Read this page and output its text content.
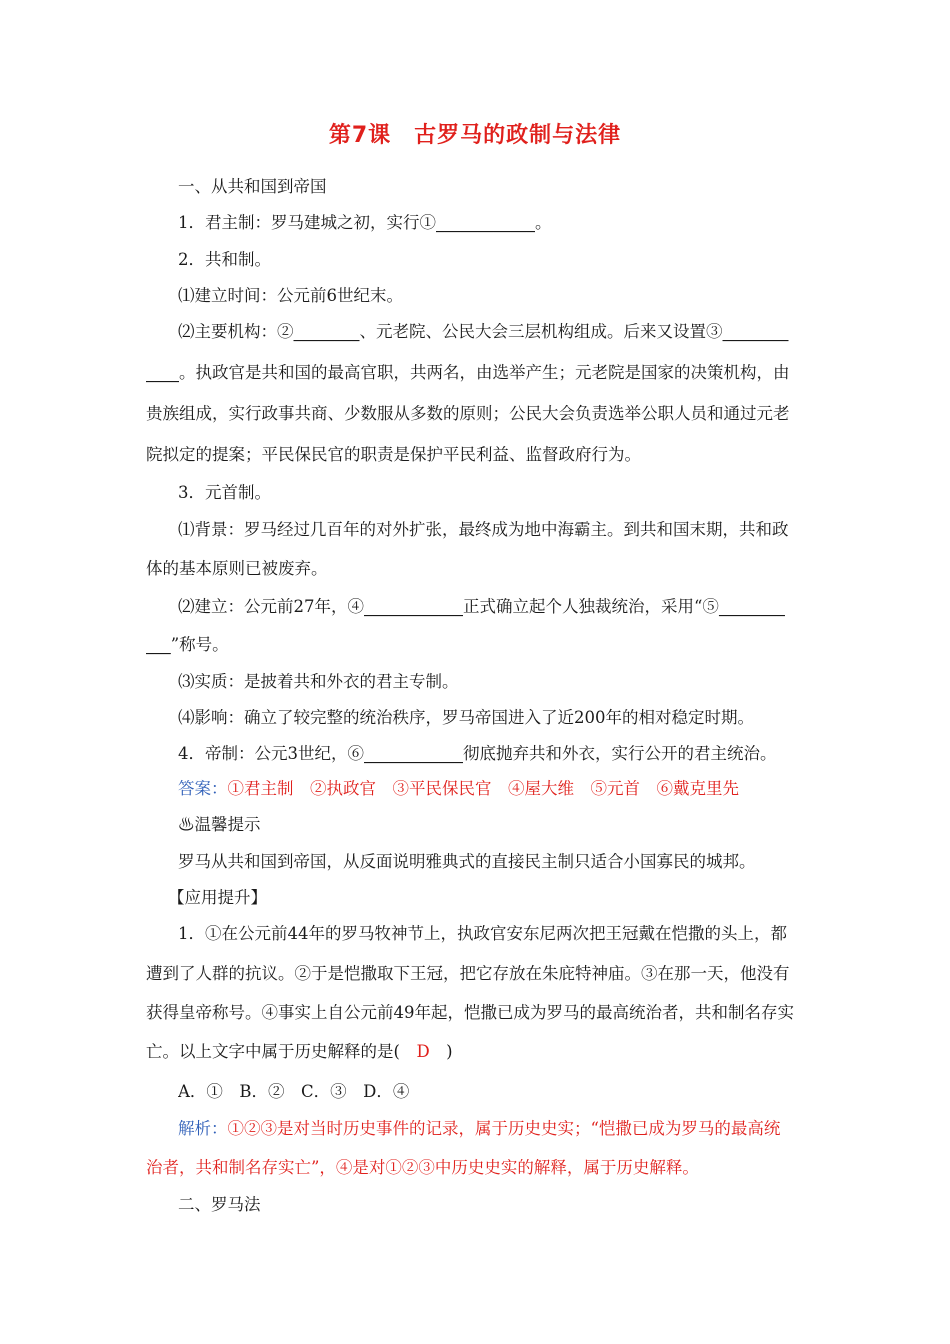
第7课　古罗马的政制与法律
一、从共和国到帝国
1．君主制：罗马建城之初，实行①____________。
2．共和制。
⑴建立时间：公元前6世纪末。
⑵主要机构：②________、元老院、公民大会三层机构组成。后来又设置③________
____。执政官是共和国的最高官职，共两名，由选举产生；元老院是国家的决策机构，由
贵族组成，实行政事共商、少数服从多数的原则；公民大会负责选举公职人员和通过元老
院拟定的提案；平民保民官的职责是保护平民利益、监督政府行为。
3．元首制。
⑴背景：罗马经过几百年的对外扩张，最终成为地中海霸主。到共和国末期，共和政
体的基本原则已被废弃。
⑵建立：公元前27年，④____________正式确立起个人独裁统治，采用“⑤________
___”称号。
⑶实质：是披着共和外衣的君主专制。
⑷影响：确立了较完整的统治秩序，罗马帝国进入了近200年的相对稳定时期。
4．帝制：公元3世纪，⑥____________彻底抛弃共和外衣，实行公开的君主统治。
答案：①君主制　②执政官　③平民保民官　④屋大维　⑤元首　⑥戴克里先
♨温馨提示
罗马从共和国到帝国，从反面说明雅典式的直接民主制只适合小国寡民的城邦。
【应用提升】
1．①在公元前44年的罗马牧神节上，执政官安东尼两次把王冠戴在恺撒的头上，都
遭到了人群的抗议。②于是恺撒取下王冠，把它存放在朱庇特神庙。③在那一天，他没有
获得皇帝称号。④事实上自公元前49年起，恺撒已成为罗马的最高统治者，共和制名存实
亡。以上文字中属于历史解释的是(　D　)
A．①　B．②　C．③　D．④
解析：①②③是对当时历史事件的记录，属于历史史实；“恺撒已成为罗马的最高统
治者，共和制名存实亡”，④是对①②③中历史史实的解释，属于历史解释。
二、罗马法
